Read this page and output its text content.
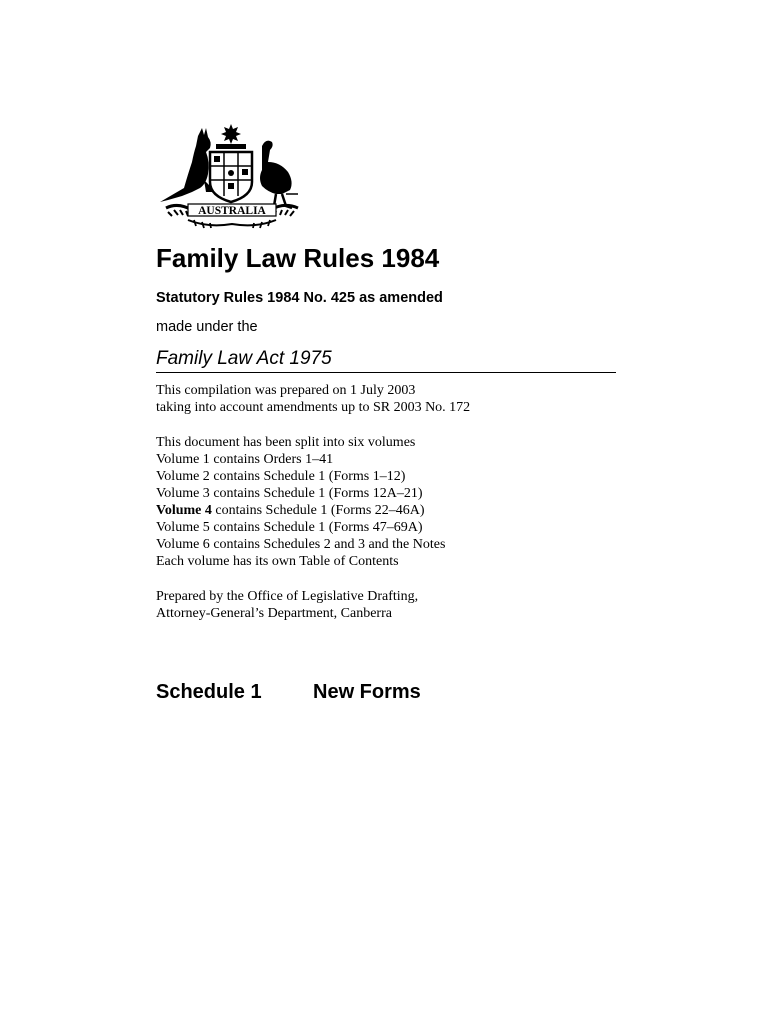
AUSTRALIA
Family Law Rules 1984
Statutory Rules 1984 No. 425 as amended
made under the
Family Law Act 1975
This compilation was prepared on 1 July 2003
taking into account amendments up to SR 2003 No. 172
This document has been split into six volumes
Volume 1 contains Orders 1–41
Volume 2 contains Schedule 1 (Forms 1–12)
Volume 3 contains Schedule 1 (Forms 12A–21)
Volume 4 contains Schedule 1 (Forms 22–46A)
Volume 5 contains Schedule 1 (Forms 47–69A)
Volume 6 contains Schedules 2 and 3 and the Notes
Each volume has its own Table of Contents
Prepared by the Office of Legislative Drafting,
Attorney-General’s Department, Canberra
Schedule 1	New Forms
